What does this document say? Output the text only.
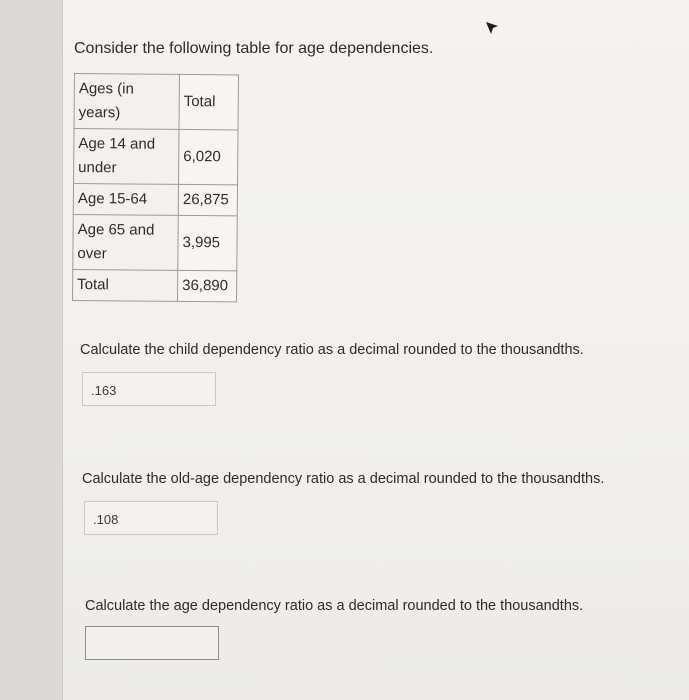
Consider the following table for age dependencies.
Ages (in years)	Total
Age 14 and under	6,020
Age 15-64	26,875
Age 65 and over	3,995
Total	36,890
Calculate the child dependency ratio as a decimal rounded to the thousandths.
.163
Calculate the old-age dependency ratio as a decimal rounded to the thousandths.
.108
Calculate the age dependency ratio as a decimal rounded to the thousandths.
